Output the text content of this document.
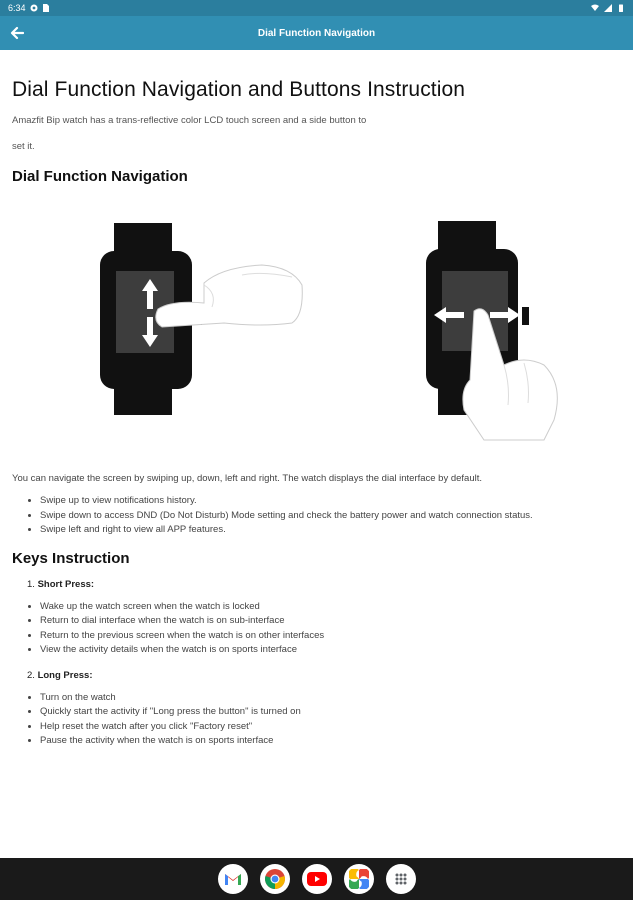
6:34
Dial Function Navigation
Dial Function Navigation and Buttons Instruction

Amazfit Bip watch has a trans-reflective color LCD touch screen and a side button to set it.

Dial Function Navigation

You can navigate the screen by swiping up, down, left and right. The watch displays the dial interface by default.

• Swipe up to view notifications history.
• Swipe down to access DND (Do Not Disturb) Mode setting and check the battery power and watch connection status.
• Swipe left and right to view all APP features.
Keys Instruction
1. Short Press:
• Wake up the watch screen when the watch is locked
• Return to dial interface when the watch is on sub-interface
• Return to the previous screen when the watch is on other interfaces
• View the activity details when the watch is on sports interface
2. Long Press:
• Turn on the watch
• Quickly start the activity if "Long press the button" is turned on
• Help reset the watch after you click "Factory reset"
• Pause the activity when the watch is on sports interface
